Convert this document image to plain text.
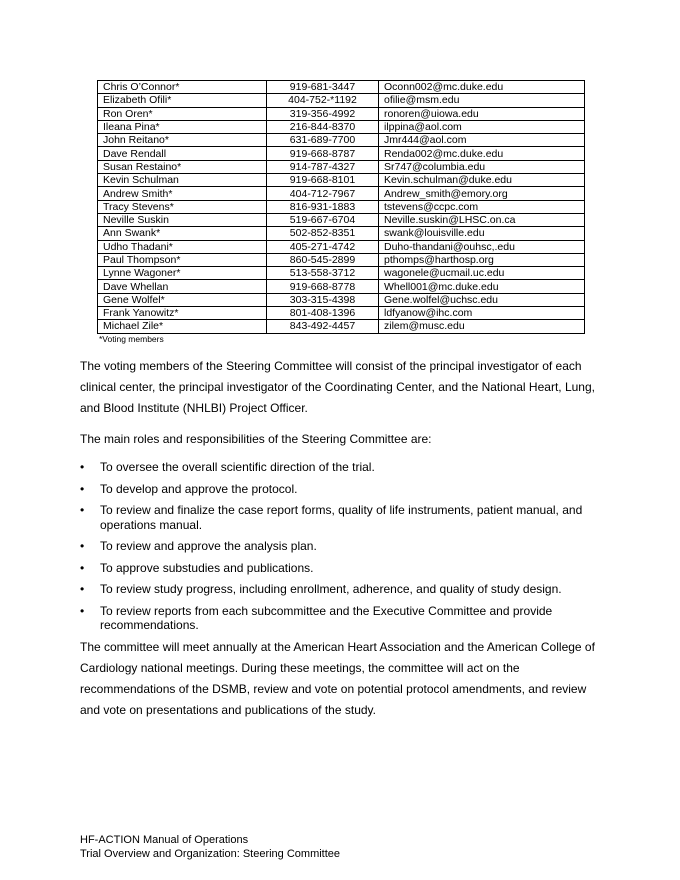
Chris O’Connor*	919-681-3447	Oconn002@mc.duke.edu
Elizabeth Ofili*	404-752-*1192	ofilie@msm.edu
Ron Oren*	319-356-4992	ronoren@uiowa.edu
Ileana Pina*	216-844-8370	ilppina@aol.com
John Reitano*	631-689-7700	Jmr444@aol.com
Dave Rendall	919-668-8787	Renda002@mc.duke.edu
Susan Restaino*	914-787-4327	Sr747@columbia.edu
Kevin Schulman	919-668-8101	Kevin.schulman@duke.edu
Andrew Smith*	404-712-7967	Andrew_smith@emory.org
Tracy Stevens*	816-931-1883	tstevens@ccpc.com
Neville Suskin	519-667-6704	Neville.suskin@LHSC.on.ca
Ann Swank*	502-852-8351	swank@louisville.edu
Udho Thadani*	405-271-4742	Duho-thandani@ouhsc,.edu
Paul Thompson*	860-545-2899	pthomps@harthosp.org
Lynne Wagoner*	513-558-3712	wagonele@ucmail.uc.edu
Dave Whellan	919-668-8778	Whell001@mc.duke.edu
Gene Wolfel*	303-315-4398	Gene.wolfel@uchsc.edu
Frank Yanowitz*	801-408-1396	ldfyanow@ihc.com
Michael Zile*	843-492-4457	zilem@musc.edu
*Voting members

The voting members of the Steering Committee will consist of the principal investigator of each clinical center, the principal investigator of the Coordinating Center, and the National Heart, Lung, and Blood Institute (NHLBI) Project Officer.

The main roles and responsibilities of the Steering Committee are:

• To oversee the overall scientific direction of the trial.
• To develop and approve the protocol.
• To review and finalize the case report forms, quality of life instruments, patient manual, and operations manual.
• To review and approve the analysis plan.
• To approve substudies and publications.
• To review study progress, including enrollment, adherence, and quality of study design.
• To review reports from each subcommittee and the Executive Committee and provide recommendations.

The committee will meet annually at the American Heart Association and the American College of Cardiology national meetings. During these meetings, the committee will act on the recommendations of the DSMB, review and vote on potential protocol amendments, and review and vote on presentations and publications of the study.

HF-ACTION Manual of Operations
Trial Overview and Organization: Steering Committee
